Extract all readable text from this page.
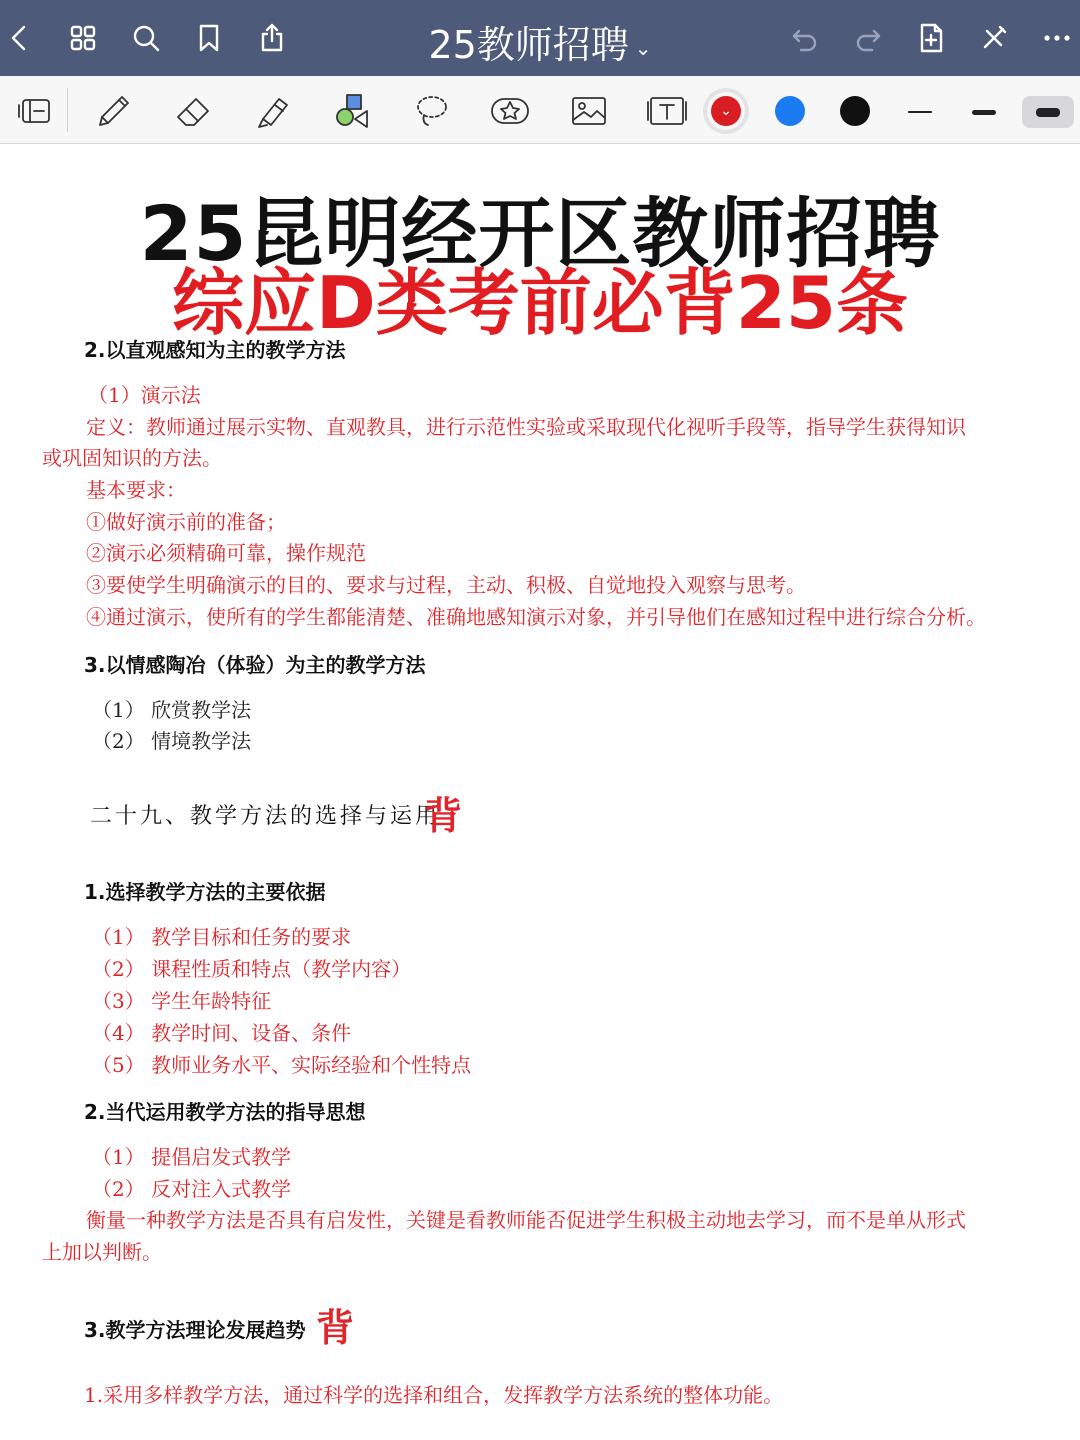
25教师招聘 ⌄
⌄
25昆明经开区教师招聘
综应D类考前必背25条
2.以直观感知为主的教学方法
（1）演示法
定义：教师通过展示实物、直观教具，进行示范性实验或采取现代化视听手段等，指导学生获得知识
或巩固知识的方法。
基本要求：
①做好演示前的准备；
②演示必须精确可靠，操作规范
③要使学生明确演示的目的、要求与过程，主动、积极、自觉地投入观察与思考。
④通过演示，使所有的学生都能清楚、准确地感知演示对象，并引导他们在感知过程中进行综合分析。
3.以情感陶冶（体验）为主的教学方法
（1） 欣赏教学法
（2） 情境教学法
二十九、教学方法的选择与运用
背
1.选择教学方法的主要依据
（1） 教学目标和任务的要求
（2） 课程性质和特点（教学内容）
（3） 学生年龄特征
（4） 教学时间、设备、条件
（5） 教师业务水平、实际经验和个性特点
2.当代运用教学方法的指导思想
（1） 提倡启发式教学
（2） 反对注入式教学
衡量一种教学方法是否具有启发性，关键是看教师能否促进学生积极主动地去学习，而不是单从形式
上加以判断。
3.教学方法理论发展趋势 背
1.采用多样教学方法，通过科学的选择和组合，发挥教学方法系统的整体功能。
